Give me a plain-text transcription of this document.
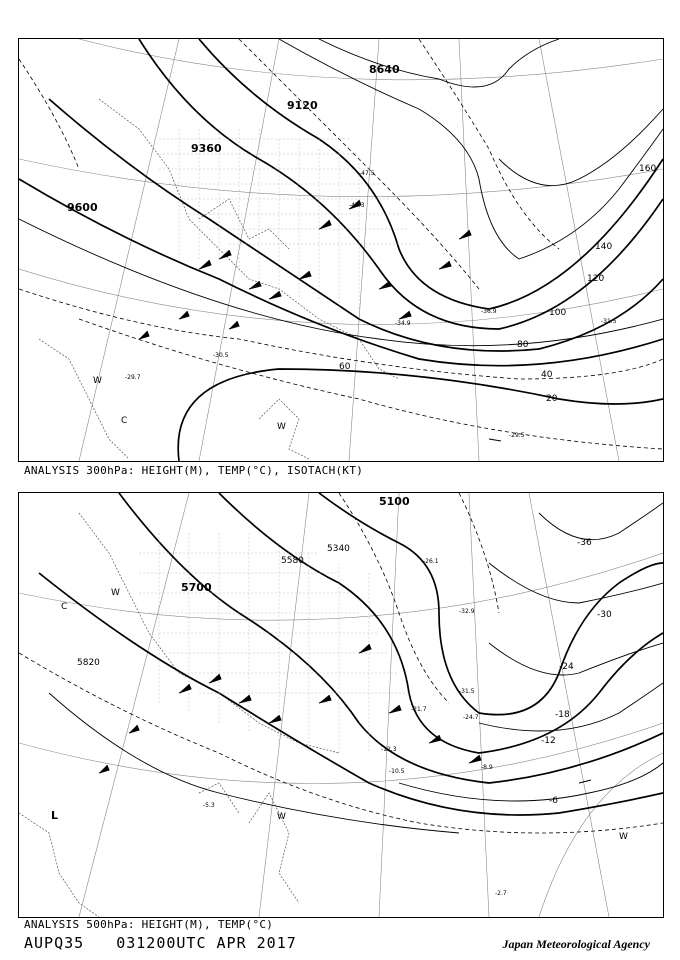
8640
9120
9360
9600
20
40
60
80
100
120
140
160
-47.5
-45.3
-36.9
-34.9	-31.5
-30.5
-29.5
-29.7
W
C
W
ANALYSIS 300hPa: HEIGHT(M), TEMP(°C), ISOTACH(KT)
5100
5340
5580
5700
5820
-36
-30
-24
-18
-12
-6
-26.1
-32.9
-31.5
-24.7
-21.7
-12.3
-10.5
-8.9
-5.3
-2.7
C
W
L	W
W
ANALYSIS 500hPa: HEIGHT(M), TEMP(°C)
AUPQ35 031200UTC APR 2017	Japan Meteorological Agency
